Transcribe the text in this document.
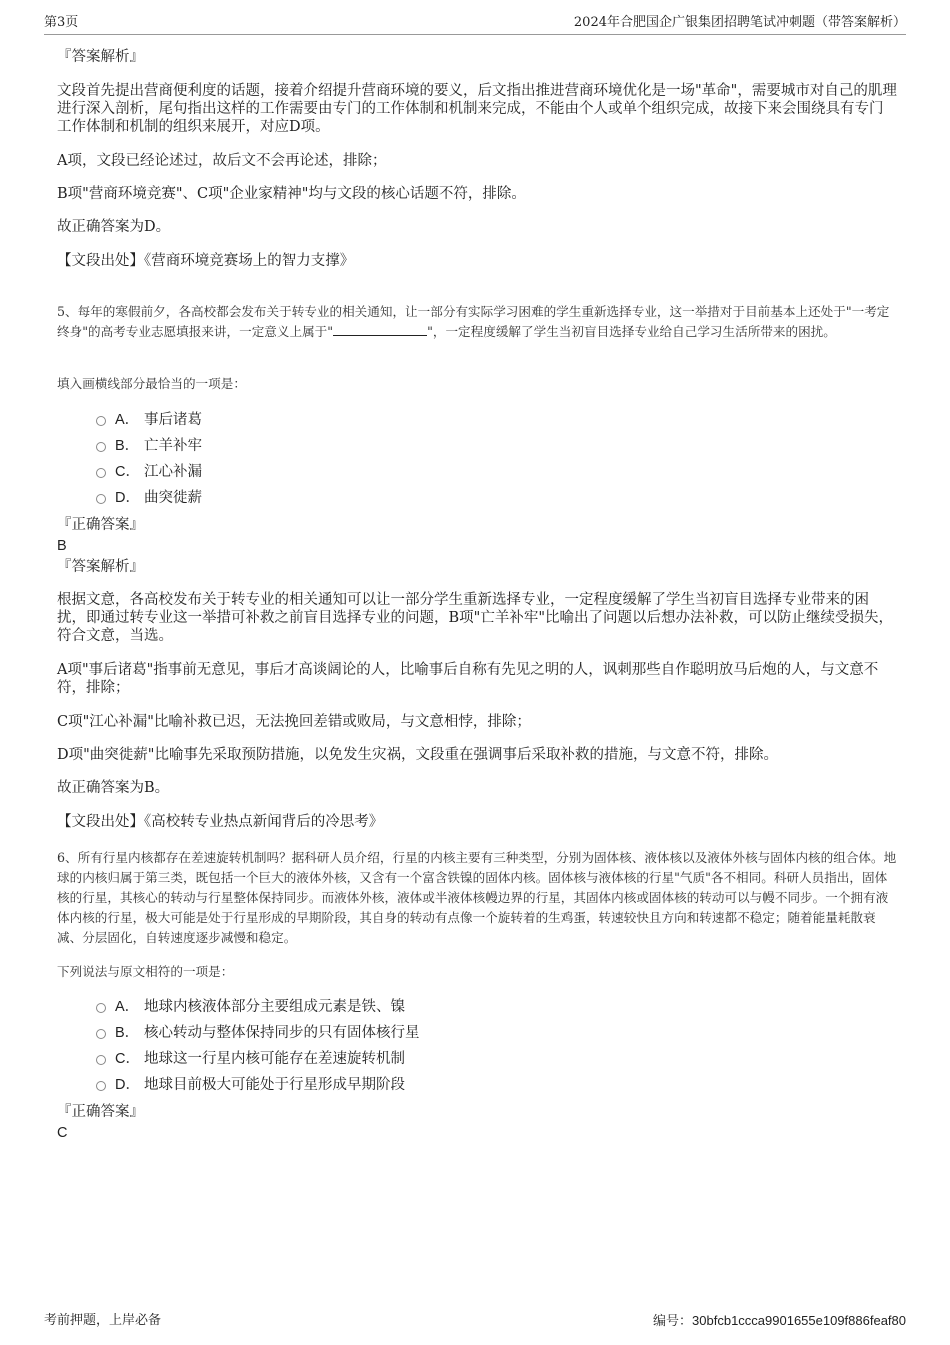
第3页	2024年合肥国企广银集团招聘笔试冲刺题（带答案解析）
『答案解析』
文段首先提出营商便利度的话题，接着介绍提升营商环境的要义，后文指出推进营商环境优化是一场"革命"，需要城市对自己的肌理进行深入剖析，尾句指出这样的工作需要由专门的工作体制和机制来完成，不能由个人或单个组织完成，故接下来会围绕具有专门工作体制和机制的组织来展开，对应D项。
A项，文段已经论述过，故后文不会再论述，排除；
B项"营商环境竞赛"、C项"企业家精神"均与文段的核心话题不符，排除。
故正确答案为D。
【文段出处】《营商环境竞赛场上的智力支撑》
5、每年的寒假前夕，各高校都会发布关于转专业的相关通知，让一部分有实际学习困难的学生重新选择专业，这一举措对于目前基本上还处于"一考定终身"的高考专业志愿填报来讲，一定意义上属于"	"，一定程度缓解了学生当初盲目选择专业给自己学习生活所带来的困扰。
填入画横线部分最恰当的一项是：
A． 事后诸葛
B． 亡羊补牢
C． 江心补漏
D． 曲突徙薪
『正确答案』
B
『答案解析』
根据文意，各高校发布关于转专业的相关通知可以让一部分学生重新选择专业，一定程度缓解了学生当初盲目选择专业带来的困扰，即通过转专业这一举措可补救之前盲目选择专业的问题，B项"亡羊补牢"比喻出了问题以后想办法补救，可以防止继续受损失，符合文意，当选。
A项"事后诸葛"指事前无意见，事后才高谈阔论的人，比喻事后自称有先见之明的人，讽刺那些自作聪明放马后炮的人，与文意不符，排除；
C项"江心补漏"比喻补救已迟，无法挽回差错或败局，与文意相悖，排除；
D项"曲突徙薪"比喻事先采取预防措施，以免发生灾祸，文段重在强调事后采取补救的措施，与文意不符，排除。
故正确答案为B。
【文段出处】《高校转专业热点新闻背后的冷思考》
6、所有行星内核都存在差速旋转机制吗？据科研人员介绍，行星的内核主要有三种类型，分别为固体核、液体核以及液体外核与固体内核的组合体。地球的内核归属于第三类，既包括一个巨大的液体外核，又含有一个富含铁镍的固体内核。固体核与液体核的行星"气质"各不相同。科研人员指出，固体核的行星，其核心的转动与行星整体保持同步。而液体外核，液体或半液体核幔边界的行星，其固体内核或固体核的转动可以与幔不同步。一个拥有液体内核的行星，极大可能是处于行星形成的早期阶段，其自身的转动有点像一个旋转着的生鸡蛋，转速较快且方向和转速都不稳定；随着能量耗散衰减、分层固化，自转速度逐步减慢和稳定。
下列说法与原文相符的一项是：
A． 地球内核液体部分主要组成元素是铁、镍
B． 核心转动与整体保持同步的只有固体核行星
C． 地球这一行星内核可能存在差速旋转机制
D． 地球目前极大可能处于行星形成早期阶段
『正确答案』
C
考前押题，上岸必备	编号：30bfcb1ccca9901655e109f886feaf80
